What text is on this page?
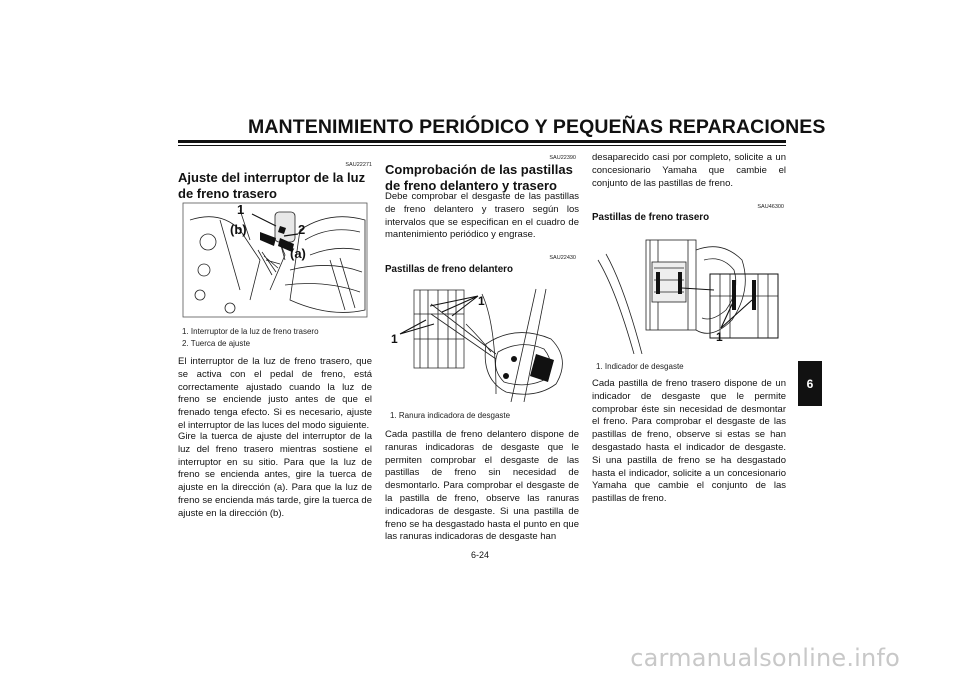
MANTENIMIENTO PERIÓDICO Y PEQUEÑAS REPARACIONES
SAU22271
Ajuste del interruptor de la luz de freno trasero
1
(b)	2
(a)
1. Interruptor de la luz de freno trasero
2. Tuerca de ajuste
El interruptor de la luz de freno trasero, que se activa con el pedal de freno, está correctamente ajustado cuando la luz de freno se enciende justo antes de que el frenado tenga efecto. Si es necesario, ajuste el interruptor de las luces del modo siguiente.
Gire la tuerca de ajuste del interruptor de la luz del freno trasero mientras sostiene el interruptor en su sitio. Para que la luz de freno se encienda antes, gire la tuerca de ajuste en la dirección (a). Para que la luz de freno se encienda más tarde, gire la tuerca de ajuste en la dirección (b).
SAU22390
Comprobación de las pastillas de freno delantero y trasero
Debe comprobar el desgaste de las pastillas de freno delantero y trasero según los intervalos que se especifican en el cuadro de mantenimiento periódico y engrase.
SAU22430
Pastillas de freno delantero
1
1
1. Ranura indicadora de desgaste
Cada pastilla de freno delantero dispone de ranuras indicadoras de desgaste que le permiten comprobar el desgaste de las pastillas de freno sin necesidad de desmontarlo. Para comprobar el desgaste de la pastilla de freno, observe las ranuras indicadoras de desgaste. Si una pastilla de freno se ha desgastado hasta el punto en que las ranuras indicadoras de desgaste han
desaparecido casi por completo, solicite a un concesionario Yamaha que cambie el conjunto de las pastillas de freno.
SAU46300
Pastillas de freno trasero
1
1. Indicador de desgaste
Cada pastilla de freno trasero dispone de un indicador de desgaste que le permite comprobar éste sin necesidad de desmontar el freno. Para comprobar el desgaste de las pastillas de freno, observe si estas se han desgastado hasta el indicador de desgaste. Si una pastilla de freno se ha desgastado hasta el indicador, solicite a un concesionario Yamaha que cambie el conjunto de las pastillas de freno.
6
6-24
carmanualsonline.info
